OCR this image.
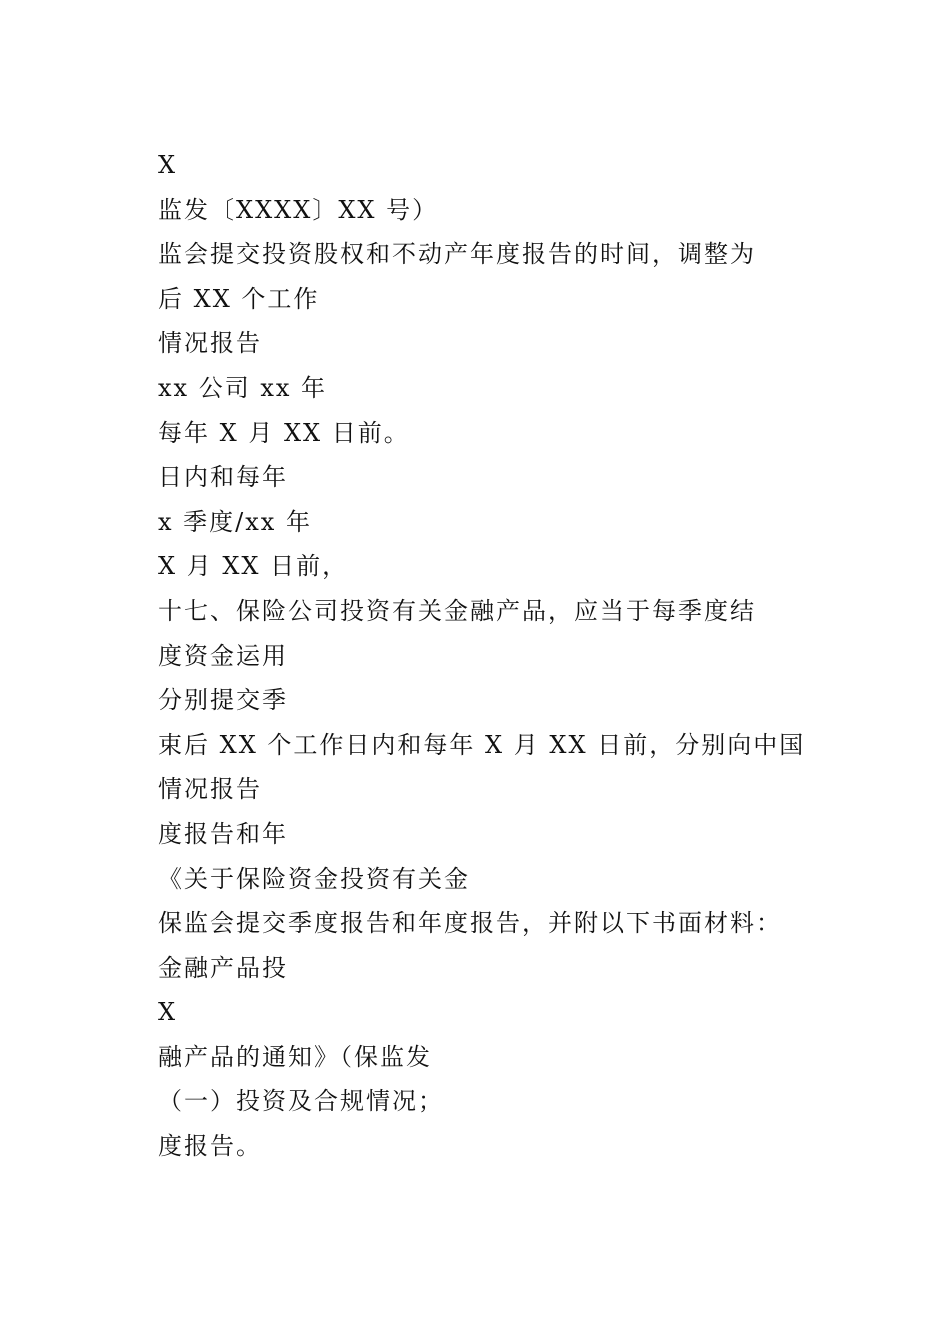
X
监发〔XXXX〕XX 号）
监会提交投资股权和不动产年度报告的时间，调整为
后 XX 个工作
情况报告
xx 公司 xx 年
每年 X 月 XX 日前。
日内和每年
x 季度/xx 年
X 月 XX 日前，
十七、保险公司投资有关金融产品，应当于每季度结
度资金运用
分别提交季
束后 XX 个工作日内和每年 X 月 XX 日前，分别向中国
情况报告
度报告和年
《关于保险资金投资有关金
保监会提交季度报告和年度报告，并附以下书面材料：
金融产品投
X
融产品的通知》（保监发
（一）投资及合规情况；
度报告。
